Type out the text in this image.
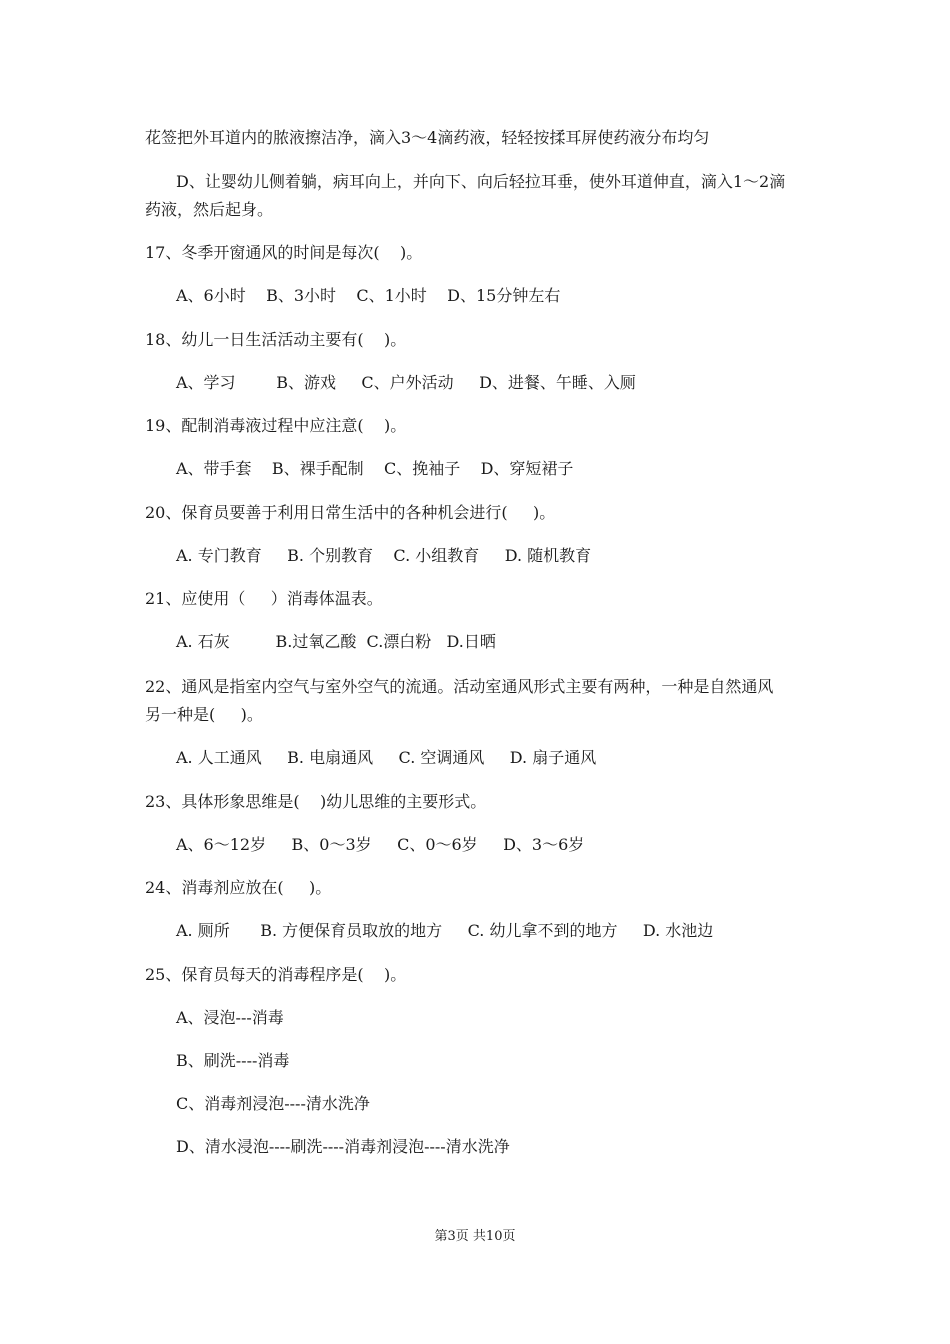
花签把外耳道内的脓液擦洁净，滴入3～4滴药液，轻轻按揉耳屏使药液分布均匀

D、让婴幼儿侧着躺，病耳向上，并向下、向后轻拉耳垂，使外耳道伸直，滴入1～2滴

药液，然后起身。

17、冬季开窗通风的时间是每次(    )。

A、6小时    B、3小时    C、1小时    D、15分钟左右

18、幼儿一日生活活动主要有(    )。

A、学习        B、游戏     C、户外活动     D、进餐、午睡、入厕

19、配制消毒液过程中应注意(    )。

A、带手套    B、裸手配制    C、挽袖子    D、穿短裙子

20、保育员要善于利用日常生活中的各种机会进行(     )。

A. 专门教育     B. 个别教育    C. 小组教育     D. 随机教育

21、应使用（     ）消毒体温表。

A. 石灰         B.过氧乙酸  C.漂白粉   D.日晒

22、通风是指室内空气与室外空气的流通。活动室通风形式主要有两种，一种是自然通风

另一种是(     )。

A. 人工通风     B. 电扇通风     C. 空调通风     D. 扇子通风

23、具体形象思维是(    )幼儿思维的主要形式。

A、6～12岁     B、0～3岁     C、0～6岁     D、3～6岁

24、消毒剂应放在(     )。

A. 厕所      B. 方便保育员取放的地方     C. 幼儿拿不到的地方     D. 水池边

25、保育员每天的消毒程序是(    )。

A、浸泡---消毒

B、刷洗----消毒

C、消毒剂浸泡----清水洗净

D、清水浸泡----刷洗----消毒剂浸泡----清水洗净

第3页 共10页
